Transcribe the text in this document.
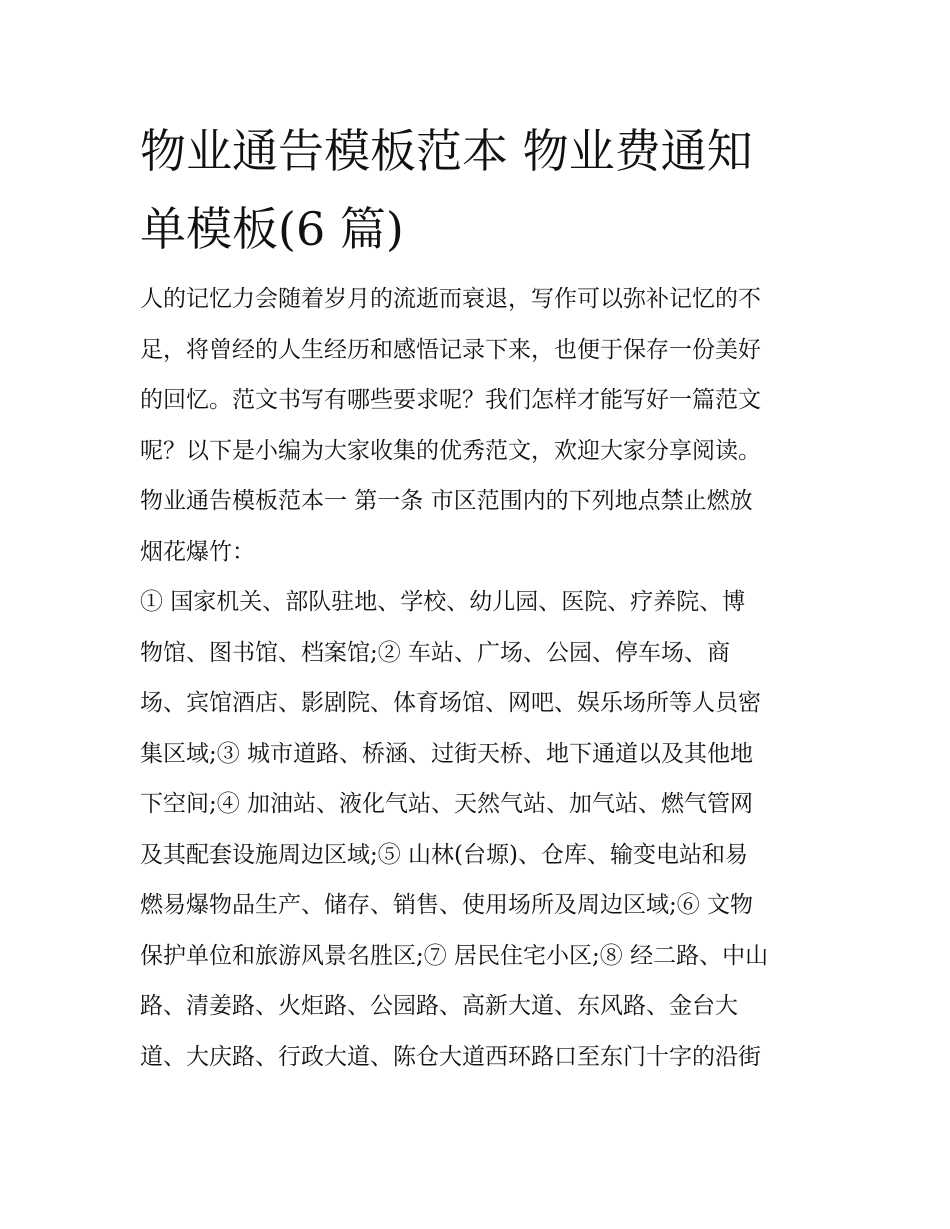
物业通告模板范本 物业费通知
单模板(6 篇)
人的记忆力会随着岁月的流逝而衰退，写作可以弥补记忆的不
足，将曾经的人生经历和感悟记录下来，也便于保存一份美好
的回忆。范文书写有哪些要求呢？我们怎样才能写好一篇范文
呢？以下是小编为大家收集的优秀范文，欢迎大家分享阅读。
物业通告模板范本一 第一条 市区范围内的下列地点禁止燃放
烟花爆竹：
① 国家机关、部队驻地、学校、幼儿园、医院、疗养院、博
物馆、图书馆、档案馆;② 车站、广场、公园、停车场、商
场、宾馆酒店、影剧院、体育场馆、网吧、娱乐场所等人员密
集区域;③ 城市道路、桥涵、过街天桥、地下通道以及其他地
下空间;④ 加油站、液化气站、天然气站、加气站、燃气管网
及其配套设施周边区域;⑤ 山林(台塬)、仓库、输变电站和易
燃易爆物品生产、储存、销售、使用场所及周边区域;⑥ 文物
保护单位和旅游风景名胜区;⑦ 居民住宅小区;⑧ 经二路、中山
路、清姜路、火炬路、公园路、高新大道、东风路、金台大
道、大庆路、行政大道、陈仓大道西环路口至东门十字的沿街
